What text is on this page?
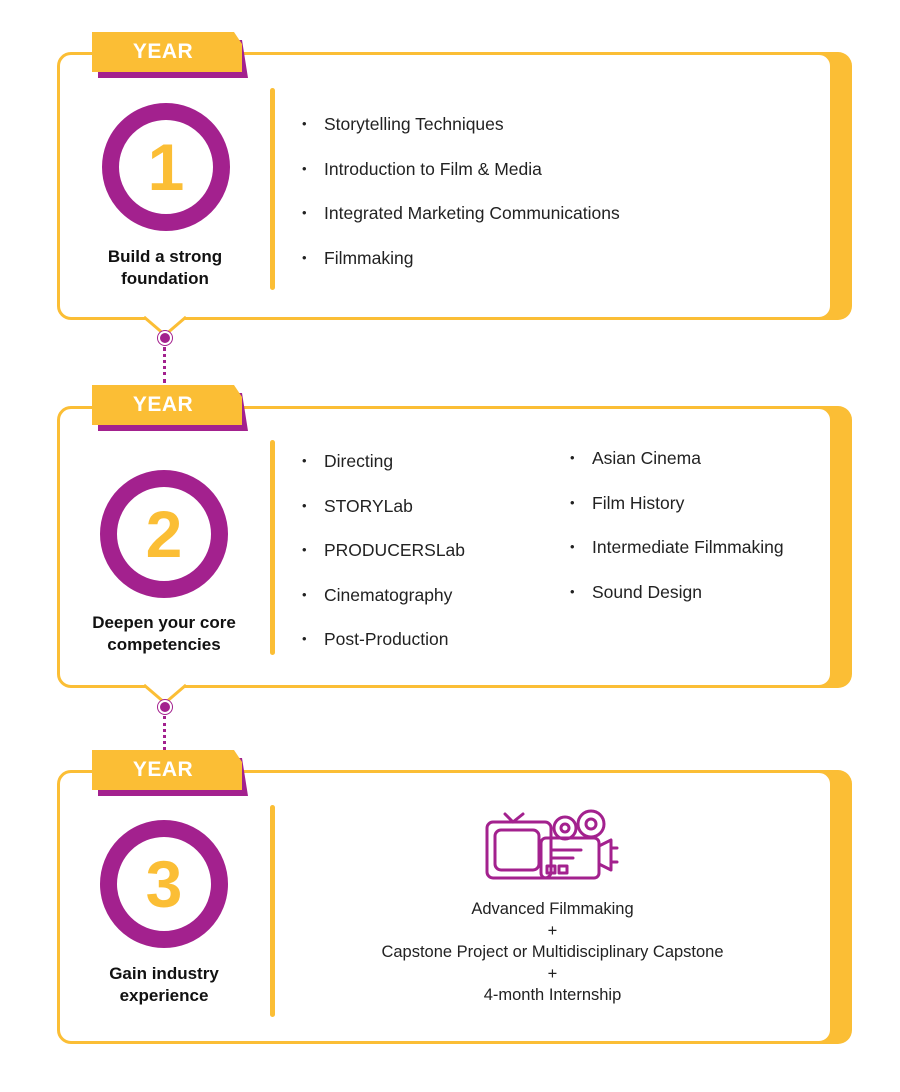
YEAR
1
Build a strong
foundation
• Storytelling Techniques
• Introduction to Film & Media
• Integrated Marketing Communications
• Filmmaking
YEAR
2
Deepen your core
competencies
• Directing
• STORYLab
• PRODUCERSLab
• Cinematography
• Post-Production
• Asian Cinema
• Film History
• Intermediate Filmmaking
• Sound Design
YEAR
3
Gain industry
experience
Advanced Filmmaking
+
Capstone Project or Multidisciplinary Capstone
+
4-month Internship
